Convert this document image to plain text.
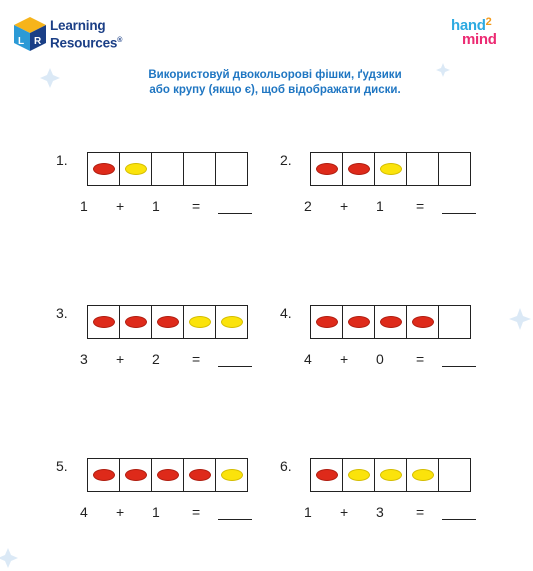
L R
Learning
Resources®
hand$^2$
mind
Використовуй двокольорові фішки, ґудзики
або крупу (якщо є), щоб відображати диски.
1.
1 + 1 =
2.
2 + 1 =
3.
3 + 2 =
4.
4 + 0 =
5.
4 + 1 =
6.
1 + 3 =
